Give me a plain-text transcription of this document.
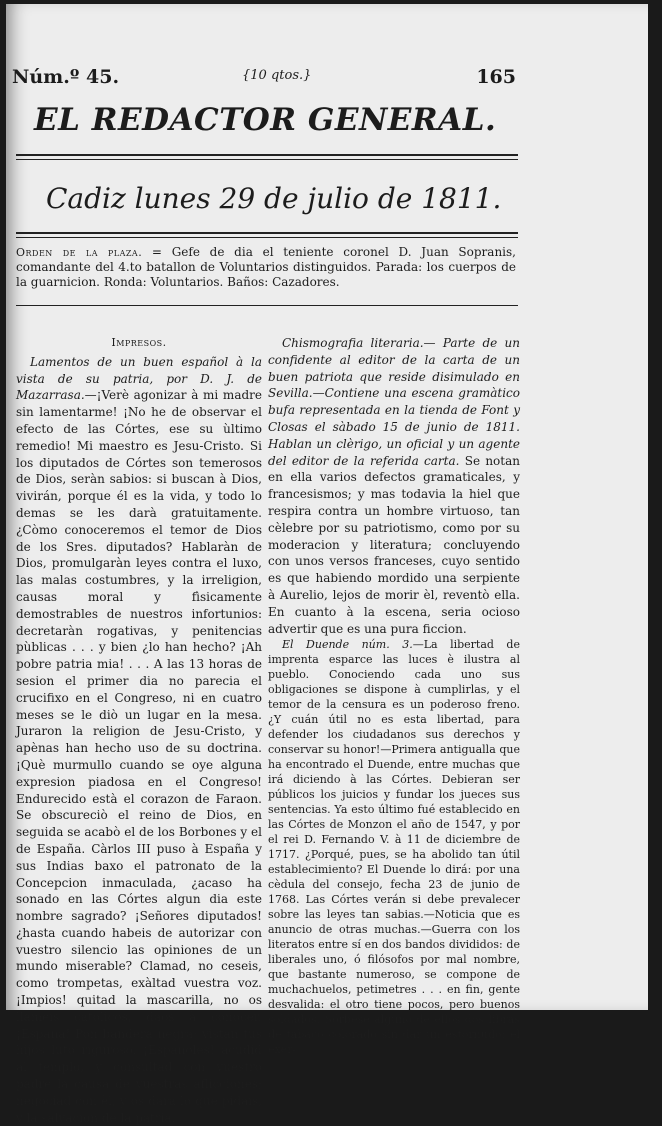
Núm.º 45.	{10 qtos.}	165
EL REDACTOR GENERAL.
Cadiz lunes 29 de julio de 1811.
Orden de la plaza. = Gefe de dia el teniente coronel D. Juan Sopranis, comandante del 4.to batallon de Voluntarios distinguidos. Parada: los cuerpos de la guarnicion. Ronda: Voluntarios. Baños: Cazadores.

Impresos.

Lamentos de un buen español à la vista de su patria, por D. J. de Mazarrasa.—¡Verè agonizar à mi madre sin lamentarme! ¡No he de observar el efecto de las Córtes, ese su ùltimo remedio! Mi maestro es Jesu-Cristo. Si los diputados de Córtes son temerosos de Dios, seràn sabios: si buscan à Dios, vivirán, porque él es la vida, y todo lo demas se les darà gratuitamente. ¿Còmo conoceremos el temor de Dios de los Sres. diputados? Hablaràn de Dios, promulgaràn leyes contra el luxo, las malas costumbres, y la irreligion, causas moral y fìsicamente demostrables de nuestros infortunios: decretaràn rogativas, y penitencias pùblicas . . . y bien ¿lo han hecho? ¡Ah pobre patria mia! . . . A las 13 horas de sesion el primer dia no parecia el crucifixo en el Congreso, ni en cuatro meses se le diò un lugar en la mesa. Juraron la religion de Jesu-Cristo, y apènas han hecho uso de su doctrina. ¡Què murmullo cuando se oye alguna expresion piadosa en el Congreso! Endurecido està el corazon de Faraon. Se obscureciò el reino de Dios, en seguida se acabò el de los Borbones y el de España. Càrlos III puso à España y sus Indias baxo el patronato de la Concepcion inmaculada, ¿acaso ha sonado en las Córtes algun dia este nombre sagrado? ¡Señores diputados! ¿hasta cuando habeis de autorizar con vuestro silencio las opiniones de un mundo miserable? Clamad, no ceseis, como trompetas, exàltad vuestra voz. ¡Impios! quitad la mascarilla, no os llameis catòlicos, daos à conocer. ¡España! Pon bandera negra: vistan tus hijos luto riguroso. ¡Españoles! acudid al templo, y consultad con vuestro padre la causa de vuestras aflicciones; negociad con èl, y os darà lo que pidais, y la salvacion de la patria.

Chismografia literaria.— Parte de un confidente al editor de la carta de un buen patriota que reside disimulado en Sevilla.—Contiene una escena gramàtico bufa representada en la tienda de Font y Closas el sàbado 15 de junio de 1811. Hablan un clèrigo, un oficial y un agente del editor de la referida carta. Se notan en ella varios defectos gramaticales, y francesismos; y mas todavia la hiel que respira contra un hombre virtuoso, tan cèlebre por su patriotismo, como por su moderacion y literatura; concluyendo con unos versos franceses, cuyo sentido es que habiendo mordido una serpiente à Aurelio, lejos de morir èl, reventò ella. En cuanto à la escena, seria ocioso advertir que es una pura ficcion.

El Duende núm. 3.—La libertad de imprenta esparce las luces è ilustra al pueblo. Conociendo cada uno sus obligaciones se dispone à cumplirlas, y el temor de la censura es un poderoso freno. ¿Y cuán útil no es esta libertad, para defender los ciudadanos sus derechos y conservar su honor!—Primera antigualla que ha encontrado el Duende, entre muchas que irá diciendo à las Córtes. Debieran ser públicos los juicios y fundar los jueces sus sentencias. Ya esto último fué establecido en las Córtes de Monzon el año de 1547, y por el rei D. Fernando V. à 11 de diciembre de 1717. ¿Porqué, pues, se ha abolido tan útil establecimiento? El Duende lo dirá: por una cèdula del consejo, fecha 23 de junio de 1768. Las Córtes verán si debe prevalecer sobre las leyes tan sabias.—Noticia que es anuncio de otras muchas.—Guerra con los literatos entre sí en dos bandos divididos: de liberales uno, ó filósofos por mal nombre, que bastante numeroso, se compone de muchachuelos, petimetres . . . en fin, gente desvalida: el otro tiene pocos, pero buenos soldados. Sórbese alguno de ellos dos libras de tabaco colorado sin dar un estornudo: el exèr-
